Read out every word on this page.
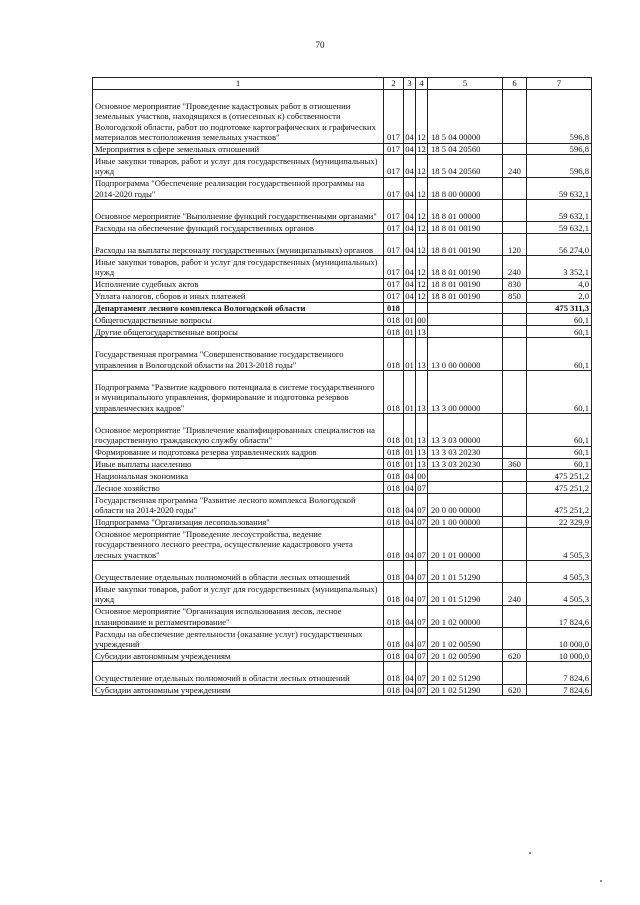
70
1	2	3	4	5	6	7
Основное мероприятие "Проведение кадастровых работ в отношении земельных участков, находящихся в (отнесенных к) собственности Вологодской области, работ по подготовке картографических и графических материалов местоположения земельных участков"	017	04	12	18 5 04 00000		596,8
Мероприятия в сфере земельных отношений	017	04	12	18 5 04 20560		596,8
Иные закупки товаров, работ и услуг для государственных (муниципальных) нужд	017	04	12	18 5 04 20560	240	596,8
Подпрограмма "Обеспечение реализации государственной программы на 2014-2020 годы"	017	04	12	18 8 00 00000		59 632,1
Основное мероприятие "Выполнение функций государственными органами"	017	04	12	18 8 01 00000		59 632,1
Расходы на обеспечение функций государственных органов	017	04	12	18 8 01 00190		59 632,1
Расходы на выплаты персоналу государственных (муниципальных) органов	017	04	12	18 8 01 00190	120	56 274,0
Иные закупки товаров, работ и услуг для государственных (муниципальных) нужд	017	04	12	18 8 01 00190	240	3 352,1
Исполнение судебных актов	017	04	12	18 8 01 00190	830	4,0
Уплата налогов, сборов и иных платежей	017	04	12	18 8 01 00190	850	2,0
Департамент лесного комплекса Вологодской области	018					475 311,3
Общегосударственные вопросы	018	01	00			60,1
Другие общегосударственные вопросы	018	01	13			60,1
Государственная программа "Совершенствование государственного управления в Вологодской области на 2013-2018 годы"	018	01	13	13 0 00 00000		60,1
Подпрограмма "Развитие кадрового потенциала в системе государственного и муниципального управления, формирование и подготовка резервов управленческих кадров"	018	01	13	13 3 00 00000		60,1
Основное мероприятие "Привлечение квалифицированных специалистов на государственную гражданскую службу области"	018	01	13	13 3 03 00000		60,1
Формирование и подготовка резерва управленческих кадров	018	01	13	13 3 03 20230		60,1
Иные выплаты населению	018	01	13	13 3 03 20230	360	60,1
Национальная экономика	018	04	00			475 251,2
Лесное хозяйство	018	04	07			475 251,2
Государственная программа "Развитие лесного комплекса Вологодской области на 2014-2020 годы"	018	04	07	20 0 00 00000		475 251,2
Подпрограмма "Организация лесопользования"	018	04	07	20 1 00 00000		22 329,9
Основное мероприятие "Проведение лесоустройства, ведение государственного лесного реестра, осуществление кадастрового учета лесных участков"	018	04	07	20 1 01 00000		4 505,3
Осуществление отдельных полномочий в области лесных отношений	018	04	07	20 1 01 51290		4 505,3
Иные закупки товаров, работ и услуг для государственных (муниципальных) нужд	018	04	07	20 1 01 51290	240	4 505,3
Основное мероприятие "Организация использования лесов, лесное планирование и регламентирование"	018	04	07	20 1 02 00000		17 824,6
Расходы на обеспечение деятельности (оказание услуг) государственных учреждений	018	04	07	20 1 02 00590		10 000,0
Субсидии автономным учреждениям	018	04	07	20 1 02 00590	620	10 000,0
Осуществление отдельных полномочий в области лесных отношений	018	04	07	20 1 02 51290		7 824,6
Субсидии автономным учреждениям	018	04	07	20 1 02 51290	620	7 824,6
